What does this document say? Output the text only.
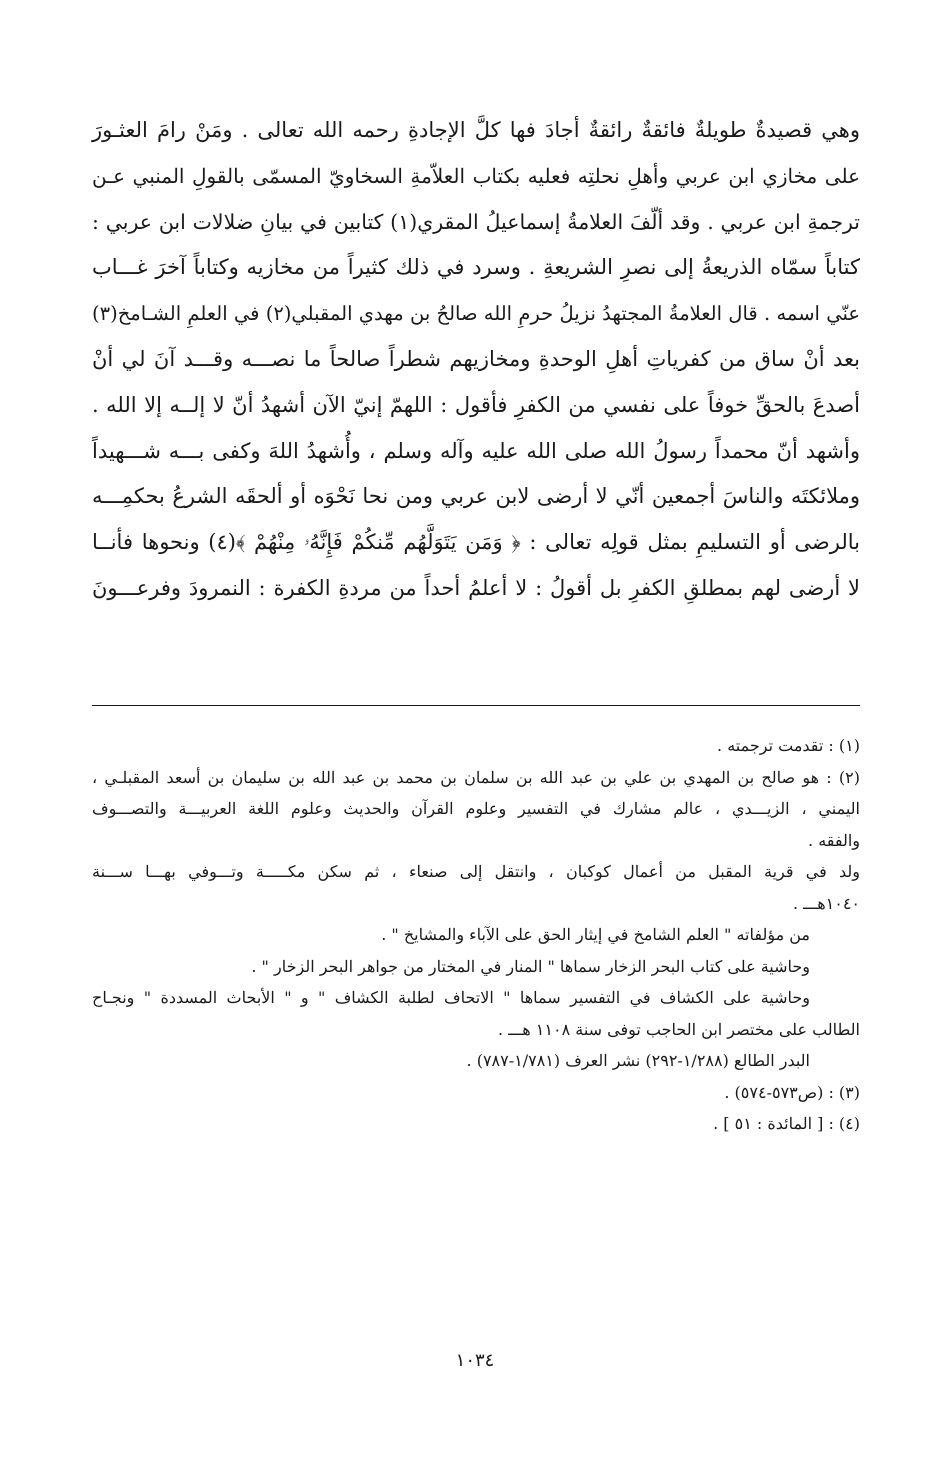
وهي قصيدةٌ طويلةٌ فائقةٌ رائقةٌ أجادَ فها كلَّ الإجادةِ رحمه الله تعالى . ومَنْ رامَ العثـورَ
على مخازي ابن عربي وأهلِ نحلتِه فعليه بكتاب العلاّمةِ السخاويّ المسمّى بالقولِ المنبي عـن
ترجمةِ ابن عربي . وقد ألّفَ العلامةُ إسماعيلُ المقري(١) كتابين في بيانِ ضلالات ابن عربي :
كتاباً سمّاه الذريعةُ إلى نصرِ الشريعةِ . وسرد في ذلك كثيراً من مخازيه وكتاباً آخرَ غـــاب
عنّي اسمه . قال العلامةُ المجتهدُ نزيلُ حرمِ الله صالحُ بن مهدي المقبلي(٢) في العلمِ الشـامخ(٣)
بعد أنْ ساق من كفرياتِ أهلِ الوحدةِ ومخازيهم شطراً صالحاً ما نصـــه وقـــد آنَ لي أنْ
أصدعَ بالحقِّ خوفاً على نفسي من الكفرِ فأقول : اللهمّ إنيّ الآن أشهدُ أنّ لا إلــه إلا الله .
وأشهد أنّ محمداً رسولُ الله صلى الله عليه وآله وسلم ، وأُشهدُ اللهَ وكفى بـــه شـــهيداً
وملائكتَه والناسَ أجمعين أنّي لا أرضى لابن عربي ومن نحا نَحْوَه أو ألحقَه الشرعُ بحكمِـــه
بالرضى أو التسليمِ بمثل قولِه تعالى : ﴿ وَمَن يَتَوَلَّهُم مِّنكُمْ فَإِنَّهُۥ مِنْهُمْ ﴾(٤) ونحوها فأنــا
لا أرضى لهم بمطلقِ الكفرِ بل أقولُ : لا أعلمُ أحداً من مردةِ الكفرة : النمرودَ وفرعـــونَ
(١) : تقدمت ترجمته .
(٢) : هو صالح بن المهدي بن علي بن عبد الله بن سلمان بن محمد بن عبد الله بن سليمان بن أسعد المقبلـي ،
اليمني ، الزيـــدي ، عالم مشارك في التفسير وعلوم القرآن والحديث وعلوم اللغة العربيـــة والتصـــوف
والفقه .
ولد في قرية المقبل من أعمال كوكبان ، وانتقل إلى صنعاء ، ثم سكن مكـــــة وتـــوفي بهـــا ســـنة
١٠٤٠هـــ .
من مؤلفاته " العلم الشامخ في إيثار الحق على الآباء والمشايخ " .
وحاشية على كتاب البحر الزخار سماها " المنار في المختار من جواهر البحر الزخار " .
وحاشية على الكشاف في التفسير سماها " الاتحاف لطلبة الكشاف " و " الأبحاث المسددة " ونجـاح
الطالب على مختصر ابن الحاجب توفى سنة ١١٠٨ هـــ .
البدر الطالع (١/٢٨٨-٢٩٢) نشر العرف (١/٧٨١-٧٨٧) .
(٣) : (ص٥٧٣-٥٧٤) .
(٤) : [ المائدة : ٥١ ] .
١٠٣٤
